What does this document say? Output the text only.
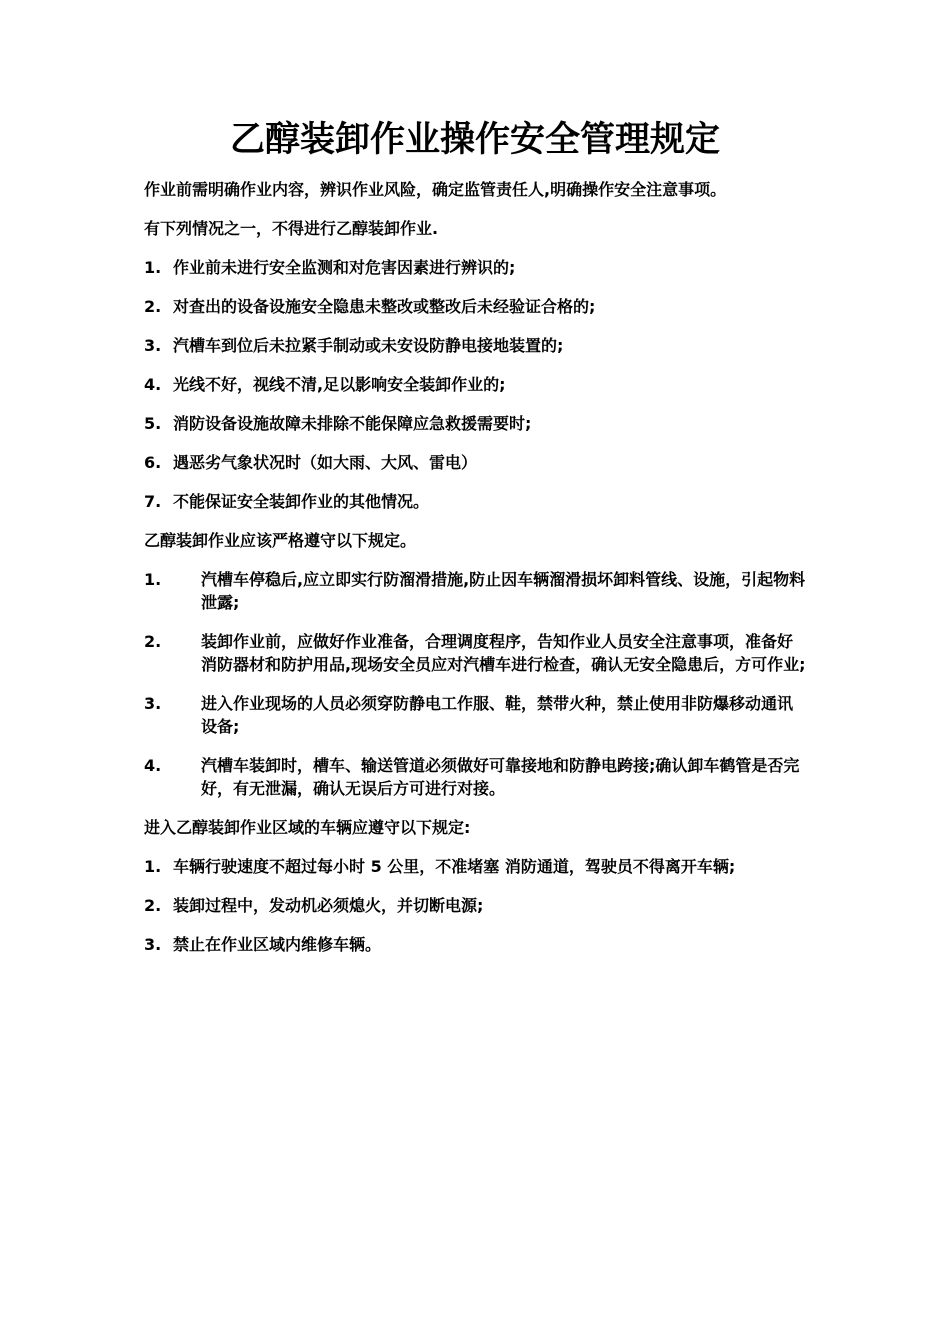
乙醇装卸作业操作安全管理规定
作业前需明确作业内容，辨识作业风险，确定监管责任人,明确操作安全注意事项。
有下列情况之一，不得进行乙醇装卸作业.
1. 作业前未进行安全监测和对危害因素进行辨识的;
2. 对查出的设备设施安全隐患未整改或整改后未经验证合格的;
3. 汽槽车到位后未拉紧手制动或未安设防静电接地装置的;
4. 光线不好，视线不清,足以影响安全装卸作业的;
5. 消防设备设施故障未排除不能保障应急救援需要时;
6. 遇恶劣气象状况时（如大雨、大风、雷电）
7. 不能保证安全装卸作业的其他情况。
乙醇装卸作业应该严格遵守以下规定。
1.	汽槽车停稳后,应立即实行防溜滑措施,防止因车辆溜滑损坏卸料管线、设施，引起物料泄露;
2.	装卸作业前，应做好作业准备，合理调度程序，告知作业人员安全注意事项，准备好消防器材和防护用品,现场安全员应对汽槽车进行检查，确认无安全隐患后，方可作业;
3.	进入作业现场的人员必须穿防静电工作服、鞋，禁带火种，禁止使用非防爆移动通讯设备;
4.	汽槽车装卸时，槽车、输送管道必须做好可靠接地和防静电跨接;确认卸车鹤管是否完好，有无泄漏，确认无误后方可进行对接。
进入乙醇装卸作业区域的车辆应遵守以下规定:
1. 车辆行驶速度不超过每小时 5 公里，不准堵塞 消防通道，驾驶员不得离开车辆;
2. 装卸过程中，发动机必须熄火，并切断电源;
3. 禁止在作业区域内维修车辆。
